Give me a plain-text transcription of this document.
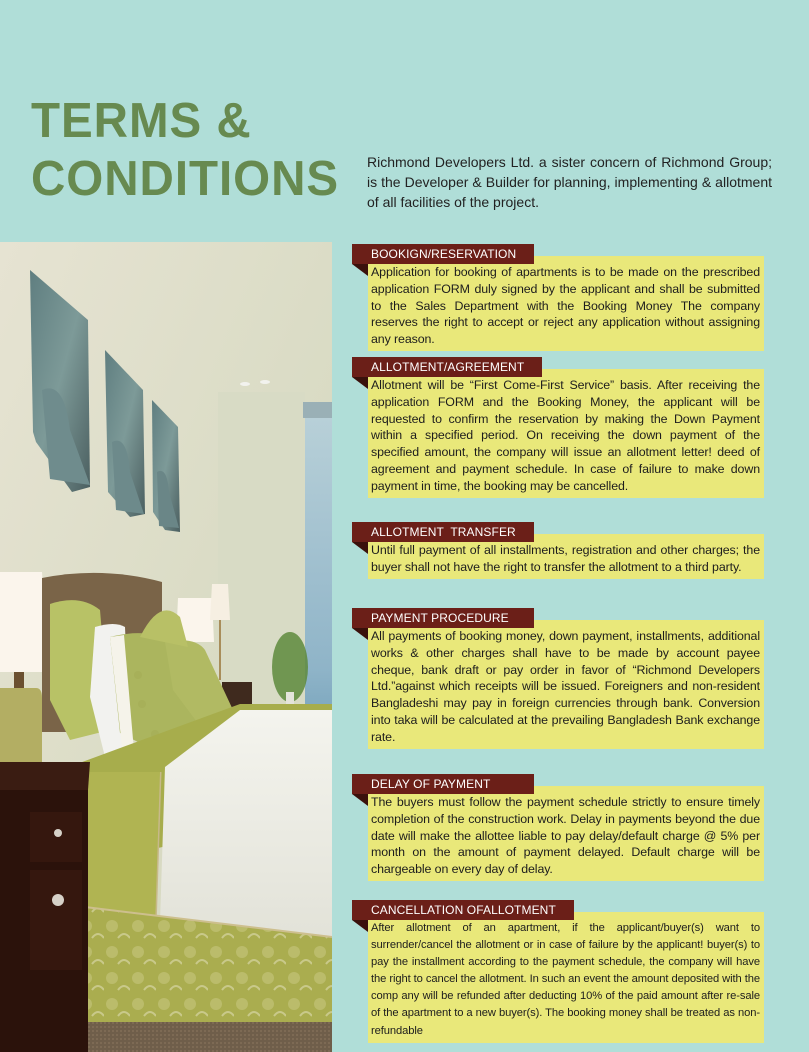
TERMS &
CONDITIONS Richmond Developers Ltd. a sister concern of Richmond Group; is the Developer & Builder for planning, implementing & allotment of all facilities of the project.

BOOKIGN/RESERVATION
Application for booking of apartments is to be made on the prescribed application FORM duly signed by the applicant and shall be submitted to the Sales Department with the Booking Money The company reserves the right to accept or reject any application without assigning any reason.
ALLOTMENT/AGREEMENT
Allotment will be “First Come-First Service” basis. After receiving the application FORM and the Booking Money, the applicant will be requested to confirm the reservation by making the Down Payment within a specified period. On receiving the down payment of the specified amount, the company will issue an allotment letter! deed of agreement and payment schedule. In case of failure to make down payment in time, the booking may be cancelled.
ALLOTMENT  TRANSFER
Until full payment of all installments, registration and other charges; the buyer shall not have the right to transfer the allotment to a third party.
PAYMENT PROCEDURE
All payments of booking money, down payment, installments, additional works & other charges shall have to be made by account payee cheque, bank draft or pay order in favor of “Richmond Developers Ltd.”against which receipts will be issued. Foreigners and non-resident Bangladeshi may pay in foreign currencies through bank. Conversion into taka will be calculated at the prevailing Bangladesh Bank exchange rate.
DELAY OF PAYMENT
The buyers must follow the payment schedule strictly to ensure timely completion of the construction work. Delay in payments beyond the due date will make the allottee liable to pay delay/default charge @ 5% per month on the amount of payment delayed. Default charge will be chargeable on every day of delay.
CANCELLATION OFALLOTMENT
After allotment of an apartment, if the applicant/buyer(s) want to surrender/cancel the allotment or in case of failure by the applicant! buyer(s) to pay the installment according to the payment schedule, the company will have the right to cancel the allotment. In such an event the amount deposited with the comp any will be refunded after deducting 10% of the paid amount after re-sale of the apartment to a new buyer(s). The booking money shall be treated as non- refundable
